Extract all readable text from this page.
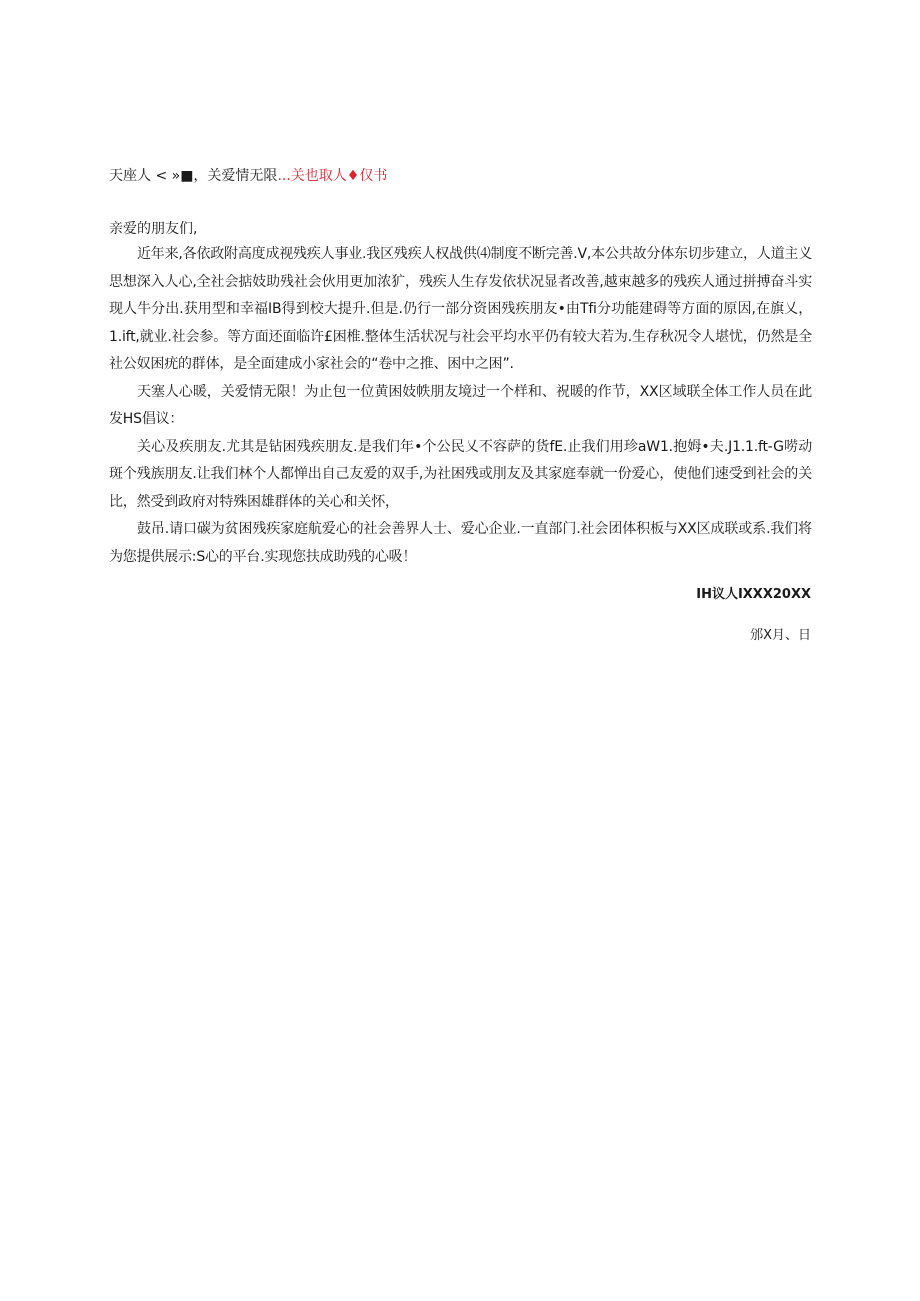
天座人 < »■，关爱情无限...关也取人♦仅书
亲爱的朋友们,

近年来,各依政附高度成视残疾人事业.我区残疾人权战供⑷制度不断完善.V,本公共故分体东切步建立，人道主义思想深入人心,全社会掂妓助残社会伙用更加浓犷，残疾人生存发依状况显者改善,越束越多的残疾人通过拼搏奋斗实现人牛分出.获用型和幸福IB得到校大提升.但是.仍行一部分资困残疾朋友•由Tfi分功能建碍等方面的原因,在旗乂，1.ift,就业.社会参。等方面还面临许£困椎.整体生活状况与社会平均水平仍有较大若为.生存秋况令人堪忧，仍然是全社公奴困疣的群体，是全面建成小家社会的“卷中之推、困中之困”.

天塞人心暖，关爱情无限！为止包一位黄困妓帙朋友境过一个样和、祝暖的作节，XX区域联全体工作人员在此发HS倡议：

关心及疾朋友.尤其是钻困残疾朋友.是我们年•个公民乂不容萨的货fE.止我们用珍aW1.抱姆•夫.J1.1.ft-G唠动斑个残族朋友.让我们林个人都惮出自己友爱的双手,为社困残或刖友及其家庭奉就一份爱心，使他们速受到社会的关比，然受到政府对特殊困雄群体的关心和关怀，

鼓吊.请口碳为贫困残疾家庭航爱心的社会善界人士、爱心企业.一直部门.社会团体积板与XX区成联或系.我们将为您提供展示:S心的平台.实现您扶成助残的心吸！

IH议人IXXX20XX
邠X月、日
